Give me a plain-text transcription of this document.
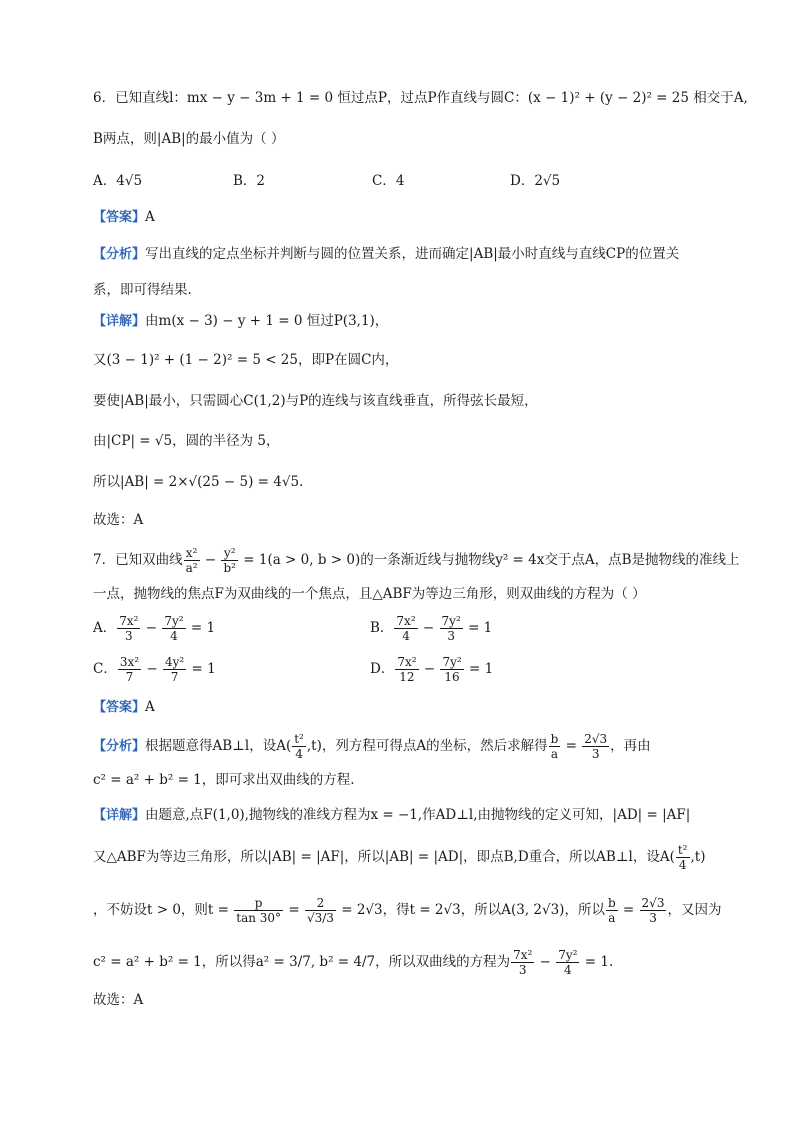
6．已知直线l：mx − y − 3m + 1 = 0 恒过点P，过点P作直线与圆C：(x − 1)² + (y − 2)² = 25 相交于A,
B两点，则|AB|的最小值为（ ）
A．4√5	B．2	C．4	D．2√5
【答案】A
【分析】写出直线的定点坐标并判断与圆的位置关系，进而确定|AB|最小时直线与直线CP的位置关
系，即可得结果.
【详解】由m(x − 3) − y + 1 = 0 恒过P(3,1)，
又(3 − 1)² + (1 − 2)² = 5 < 25，即P在圆C内，
要使|AB|最小，只需圆心C(1,2)与P的连线与该直线垂直，所得弦长最短，
由|CP| = √5，圆的半径为 5，
所以|AB| = 2×√(25 − 5) = 4√5.
故选：A
7．已知双曲线 $\frac{\text{x²}}{\text{a²}} - \frac{\text{y²}}{\text{b²}} = 1(a > 0$, b > 0)的一条渐近线与抛物线y² = 4x交于点A，点B是抛物线的准线上
一点，抛物线的焦点F为双曲线的一个焦点，且△ABF为等边三角形，则双曲线的方程为（ ）
A． $\frac{\text{7x²}}{3} - \frac{\text{7y²}}{4} = 1$	B． $\frac{\text{7x²}}{4} - \frac{\text{7y²}}{3} = 1$
C． $\frac{\text{3x²}}{7} - \frac{\text{4y²}}{7} = 1$	D． $\frac{\text{7x²}}{12} - \frac{\text{7y²}}{16} = 1$
【答案】A
【分析】根据题意得AB⊥l，设$A( \frac{\text{t²}}{4} ,t)$，列方程可得点A的坐标，然后求解得 $\frac{b}{a} = \frac{2√3}{3}$ ，再由
c² = a² + b² = 1，即可求出双曲线的方程.
【详解】由题意,点F(1,0),抛物线的准线方程为x = −1,作AD⊥l,由抛物线的定义可知，|AD| = |AF|
又△ABF为等边三角形，所以|AB| = |AF|，所以|AB| = |AD|，即点B,D重合，所以AB⊥l，设$A( \frac{\text{t²}}{4} ,t)$
，不妨设t > 0，则$t = \frac{p}{\tan 30^\circ} = \frac{2}{√3/3} = 2√3$，得t = 2√3，所以A(3, 2√3)，所以 $\frac{b}{a} = \frac{2√3}{3}$ ，又因为
c² = a² + b² = 1，所以得a² = 3/7, b² = 4/7，所以双曲线的方程为 $\frac{\text{7x²}}{3} - \frac{\text{7y²}}{4} = 1$.
故选：A
